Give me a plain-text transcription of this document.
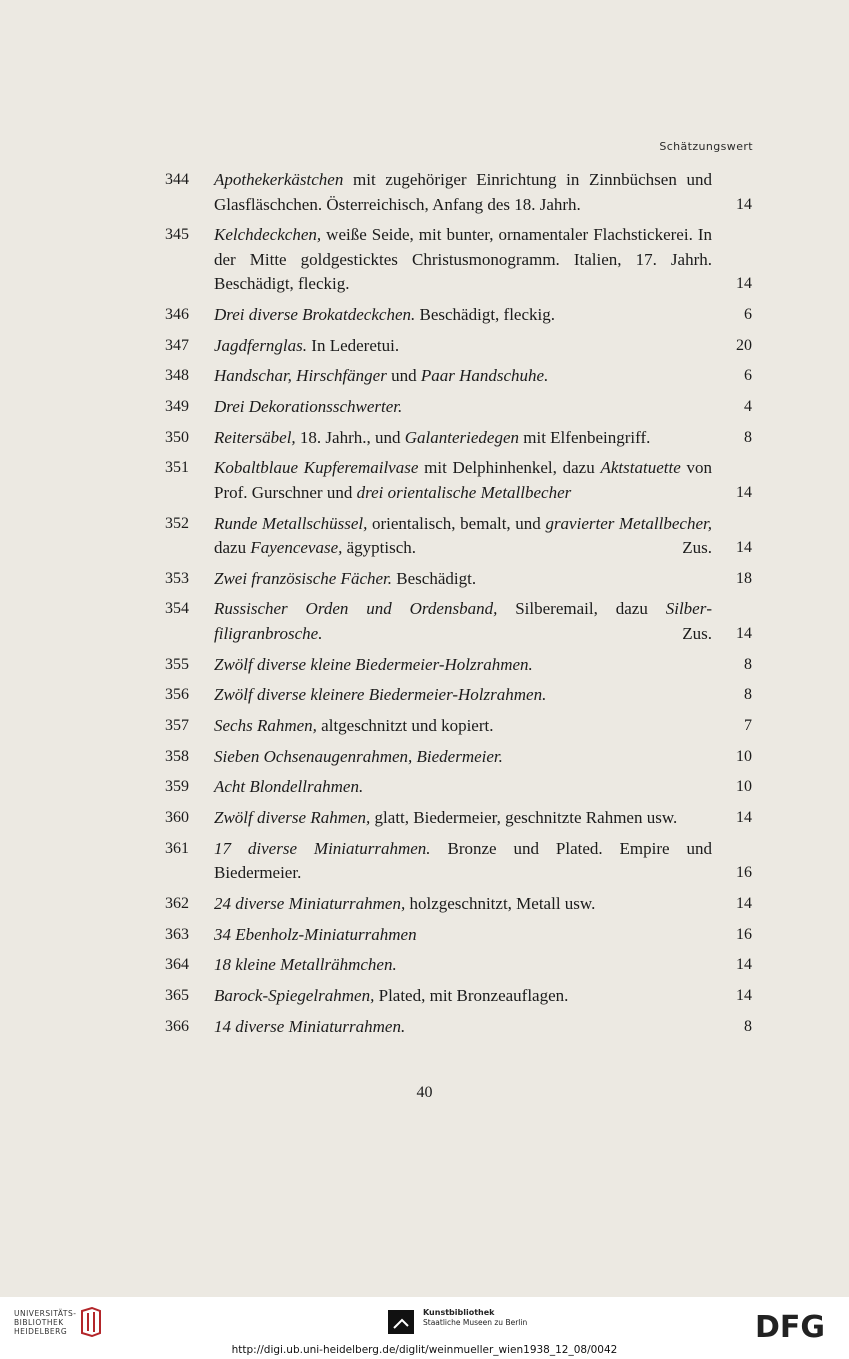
Schätzungswert
344	Apothekerkästchen mit zugehöriger Einrichtung in Zinnbüchsen und Glasfläschchen. Österreichisch, Anfang des 18. Jahrh.	14
345	Kelchdeckchen, weiße Seide, mit bunter, ornamentaler Flachstickerei. In der Mitte goldgesticktes Christusmonogramm. Italien, 17. Jahrh. Beschädigt, fleckig.	14
346	Drei diverse Brokatdeckchen. Beschädigt, fleckig.	6
347	Jagdfernglas. In Lederetui.	20
348	Handschar, Hirschfänger und Paar Handschuhe.	6
349	Drei Dekorationsschwerter.	4
350	Reitersäbel, 18. Jahrh., und Galanteriedegen mit Elfenbeingriff.	8
351	Kobaltblaue Kupferemailvase mit Delphinhenkel, dazu Aktstatuette von Prof. Gurschner und drei orientalische Metallbecher	14
352	Runde Metallschüssel, orientalisch, bemalt, und gravierter Metallbecher, dazu Fayencevase, ägyptisch.	Zus. 14
353	Zwei französische Fächer. Beschädigt.	18
354	Russischer Orden und Ordensband, Silberemail, dazu Silberfiligranbrosche.	Zus. 14
355	Zwölf diverse kleine Biedermeier-Holzrahmen.	8
356	Zwölf diverse kleinere Biedermeier-Holzrahmen.	8
357	Sechs Rahmen, altgeschnitzt und kopiert.	7
358	Sieben Ochsenaugenrahmen, Biedermeier.	10
359	Acht Blondellrahmen.	10
360	Zwölf diverse Rahmen, glatt, Biedermeier, geschnitzte Rahmen usw.	14
361	17 diverse Miniaturrahmen. Bronze und Plated. Empire und Biedermeier.	16
362	24 diverse Miniaturrahmen, holzgeschnitzt, Metall usw.	14
363	34 Ebenholz-Miniaturrahmen	16
364	18 kleine Metallrähmchen.	14
365	Barock-Spiegelrahmen, Plated, mit Bronzeauflagen.	14
366	14 diverse Miniaturrahmen.	8
40
UNIVERSITÄTS-
BIBLIOTHEK
HEIDELBERG
Kunstbibliothek
Staatliche Museen zu Berlin	DFG
http://digi.ub.uni-heidelberg.de/diglit/weinmueller_wien1938_12_08/0042
